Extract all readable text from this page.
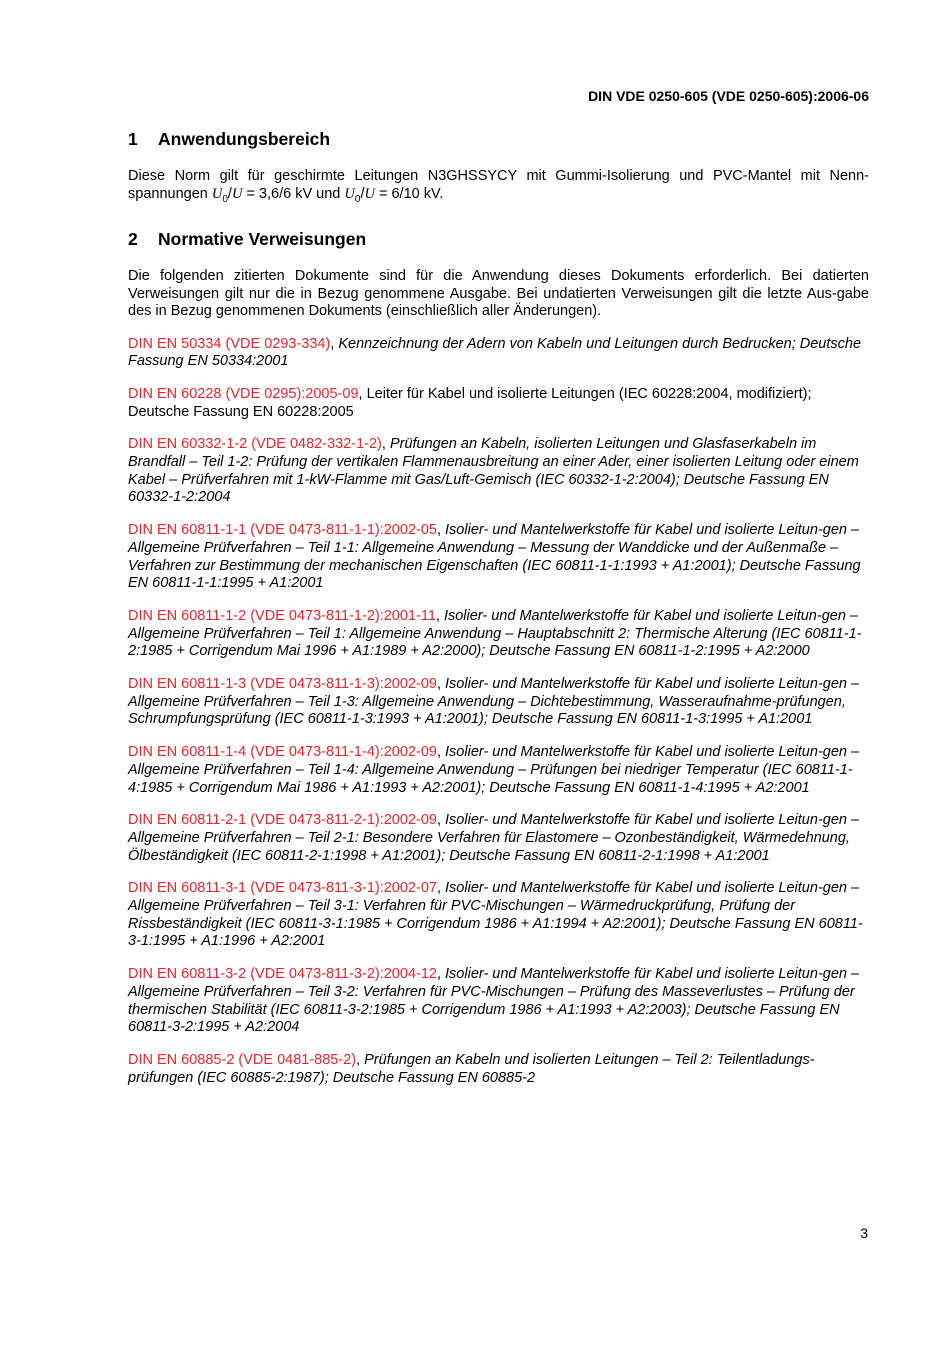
DIN VDE 0250-605 (VDE 0250-605):2006-06
1	Anwendungsbereich

Diese Norm gilt für geschirmte Leitungen N3GHSSYCY mit Gummi-Isolierung und PVC-Mantel mit Nenn-spannungen $U_0/U = 3,6/6$ kV und $U_0/U = 6/10$ kV.

2	Normative Verweisungen

Die folgenden zitierten Dokumente sind für die Anwendung dieses Dokuments erforderlich. Bei datierten Verweisungen gilt nur die in Bezug genommene Ausgabe. Bei undatierten Verweisungen gilt die letzte Aus-gabe des in Bezug genommenen Dokuments (einschließlich aller Änderungen).

DIN EN 50334 (VDE 0293-334), Kennzeichnung der Adern von Kabeln und Leitungen durch Bedrucken; Deutsche Fassung EN 50334:2001

DIN EN 60228 (VDE 0295):2005-09, Leiter für Kabel und isolierte Leitungen (IEC 60228:2004, modifiziert); Deutsche Fassung EN 60228:2005

DIN EN 60332-1-2 (VDE 0482-332-1-2), Prüfungen an Kabeln, isolierten Leitungen und Glasfaserkabeln im Brandfall – Teil 1-2: Prüfung der vertikalen Flammenausbreitung an einer Ader, einer isolierten Leitung oder einem Kabel – Prüfverfahren mit 1-kW-Flamme mit Gas/Luft-Gemisch (IEC 60332-1-2:2004); Deutsche Fassung EN 60332-1-2:2004

DIN EN 60811-1-1 (VDE 0473-811-1-1):2002-05, Isolier- und Mantelwerkstoffe für Kabel und isolierte Leitun-gen – Allgemeine Prüfverfahren – Teil 1-1: Allgemeine Anwendung – Messung der Wanddicke und der Außenmaße – Verfahren zur Bestimmung der mechanischen Eigenschaften (IEC 60811-1-1:1993 + A1:2001); Deutsche Fassung EN 60811-1-1:1995 + A1:2001

DIN EN 60811-1-2 (VDE 0473-811-1-2):2001-11, Isolier- und Mantelwerkstoffe für Kabel und isolierte Leitun-gen – Allgemeine Prüfverfahren – Teil 1: Allgemeine Anwendung – Hauptabschnitt 2: Thermische Alterung (IEC 60811-1-2:1985 + Corrigendum Mai 1996 + A1:1989 + A2:2000); Deutsche Fassung EN 60811-1-2:1995 + A2:2000

DIN EN 60811-1-3 (VDE 0473-811-1-3):2002-09, Isolier- und Mantelwerkstoffe für Kabel und isolierte Leitun-gen – Allgemeine Prüfverfahren – Teil 1-3: Allgemeine Anwendung – Dichtebestimmung, Wasseraufnahme-prüfungen, Schrumpfungsprüfung (IEC 60811-1-3:1993 + A1:2001); Deutsche Fassung EN 60811-1-3:1995 + A1:2001

DIN EN 60811-1-4 (VDE 0473-811-1-4):2002-09, Isolier- und Mantelwerkstoffe für Kabel und isolierte Leitun-gen – Allgemeine Prüfverfahren – Teil 1-4: Allgemeine Anwendung – Prüfungen bei niedriger Temperatur (IEC 60811-1-4:1985 + Corrigendum Mai 1986 + A1:1993 + A2:2001); Deutsche Fassung EN 60811-1-4:1995 + A2:2001

DIN EN 60811-2-1 (VDE 0473-811-2-1):2002-09, Isolier- und Mantelwerkstoffe für Kabel und isolierte Leitun-gen – Allgemeine Prüfverfahren – Teil 2-1: Besondere Verfahren für Elastomere – Ozonbeständigkeit, Wärmedehnung, Ölbeständigkeit (IEC 60811-2-1:1998 + A1:2001); Deutsche Fassung EN 60811-2-1:1998 + A1:2001

DIN EN 60811-3-1 (VDE 0473-811-3-1):2002-07, Isolier- und Mantelwerkstoffe für Kabel und isolierte Leitun-gen – Allgemeine Prüfverfahren – Teil 3-1: Verfahren für PVC-Mischungen – Wärmedruckprüfung, Prüfung der Rissbeständigkeit (IEC 60811-3-1:1985 + Corrigendum 1986 + A1:1994 + A2:2001); Deutsche Fassung EN 60811-3-1:1995 + A1:1996 + A2:2001

DIN EN 60811-3-2 (VDE 0473-811-3-2):2004-12, Isolier- und Mantelwerkstoffe für Kabel und isolierte Leitun-gen – Allgemeine Prüfverfahren – Teil 3-2: Verfahren für PVC-Mischungen – Prüfung des Masseverlustes – Prüfung der thermischen Stabilität (IEC 60811-3-2:1985 + Corrigendum 1986 + A1:1993 + A2:2003); Deutsche Fassung EN 60811-3-2:1995 + A2:2004

DIN EN 60885-2 (VDE 0481-885-2), Prüfungen an Kabeln und isolierten Leitungen – Teil 2: Teilentladungs-prüfungen (IEC 60885-2:1987); Deutsche Fassung EN 60885-2

3
